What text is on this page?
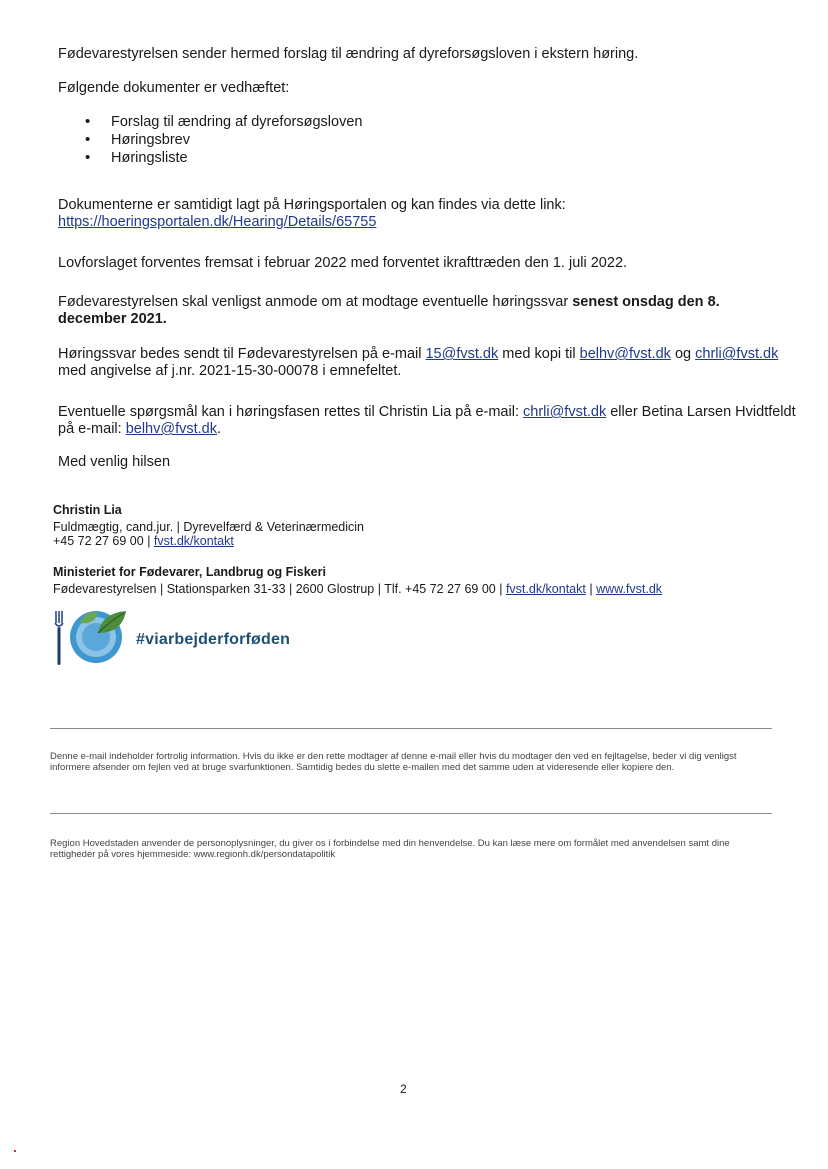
Fødevarestyrelsen sender hermed forslag til ændring af dyreforsøgsloven i ekstern høring.

Følgende dokumenter er vedhæftet:

• Forslag til ændring af dyreforsøgsloven
• Høringsbrev
• Høringsliste

Dokumenterne er samtidigt lagt på Høringsportalen og kan findes via dette link:

https://hoeringsportalen.dk/Hearing/Details/65755

Lovforslaget forventes fremsat i februar 2022 med forventet ikrafttræden den 1. juli 2022.

Fødevarestyrelsen skal venligst anmode om at modtage eventuelle høringssvar senest onsdag den 8. december 2021.

Høringssvar bedes sendt til Fødevarestyrelsen på e-mail 15@fvst.dk med kopi til belhv@fvst.dk og chrli@fvst.dk

med angivelse af j.nr. 2021-15-30-00078 i emnefeltet.

Eventuelle spørgsmål kan i høringsfasen rettes til Christin Lia på e-mail: chrli@fvst.dk eller Betina Larsen Hvidtfeldt

på e-mail: belhv@fvst.dk.

Med venlig hilsen

Christin Lia
Fuldmægtig, cand.jur. | Dyrevelfærd & Veterinærmedicin
+45 72 27 69 00 | fvst.dk/kontakt
Ministeriet for Fødevarer, Landbrug og Fiskeri
Fødevarestyrelsen | Stationsparken 31-33 | 2600 Glostrup | Tlf. +45 72 27 69 00 | fvst.dk/kontakt | www.fvst.dk
#viarbejderforføden
Denne e-mail indeholder fortrolig information. Hvis du ikke er den rette modtager af denne e-mail eller hvis du modtager den ved en fejltagelse, beder vi dig venligst informere afsender om fejlen ved at bruge svarfunktionen. Samtidig bedes du slette e-mailen med det samme uden at videresende eller kopiere den.
Region Hovedstaden anvender de personoplysninger, du giver os i forbindelse med din henvendelse. Du kan læse mere om formålet med anvendelsen samt dine rettigheder på vores hjemmeside: www.regionh.dk/persondatapolitik
2
